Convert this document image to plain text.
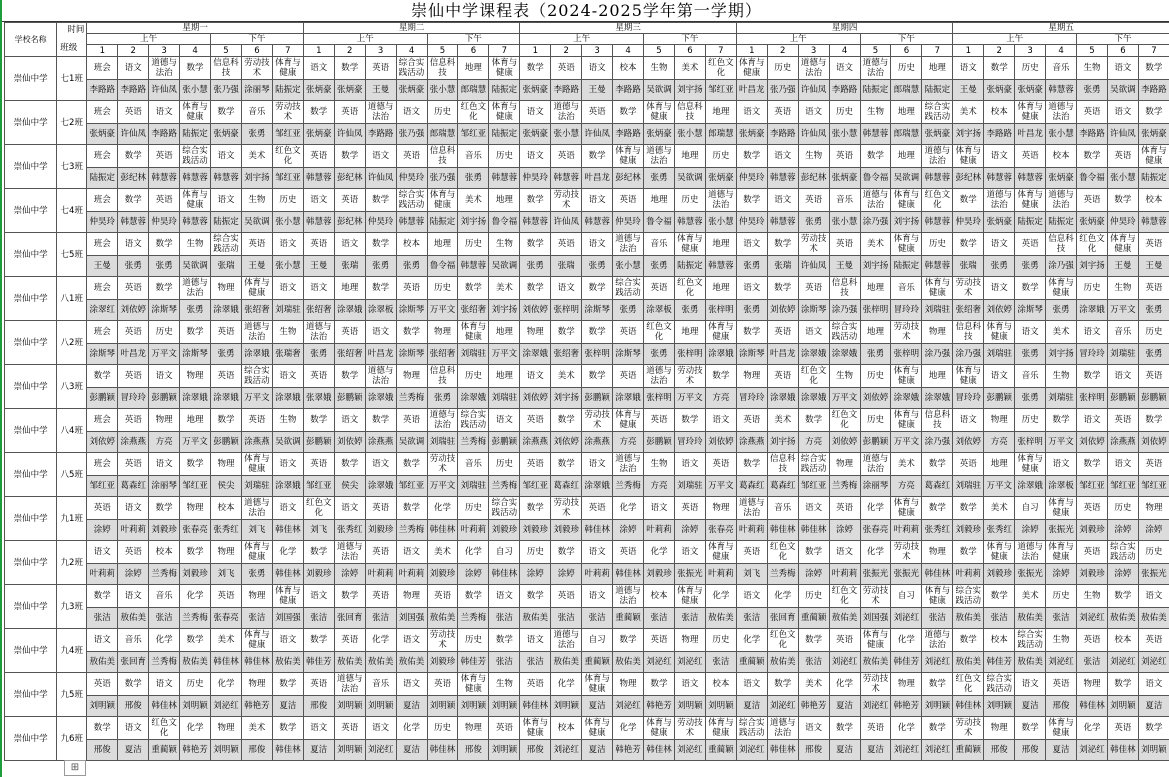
崇仙中学课程表（2024-2025学年第一学期）
学校名称	时间
班级	星期一							星期二							星期三							星期四							星期五						
		上午				下午			上午				下午			上午				下午			上午				下午			上午				下午		
		1	2	3	4	5	6	7	1	2	3	4	5	6	7	1	2	3	4	5	6	7	1	2	3	4	5	6	7	1	2	3	4	5	6	7
崇仙中学	七1班	班会	语文	道德与法治	数学	信息科技	劳动技术	体育与健康	语文	数学	英语	综合实践活动	信息科技	地理	体育与健康	数学	英语	语文	校本	生物	美术	红色文化	体育与健康	历史	道德与法治	语文	道德与法治	历史	地理	语文	数学	历史	音乐	生物	语文	数学
		李路路	李路路	许仙凤	张小慧	张乃强	涂丽琴	陆振定	张炳豪	张炳豪	王曼	张炳豪	张小慧	郎瑞慧	陆振定	张炳豪	李路路	王曼	李路路	吴欲调	刘宇扬	邹红亚	叶昌龙	张乃强	许仙凤	李路路	陆振定	郎瑞慧	陆振定	王曼	张炳豪	张炳豪	韩慧蓉	张勇	吴欲调	李路路
崇仙中学	七2班	班会	英语	语文	体育与健康	数学	音乐	劳动技术	数学	英语	道德与法治	语文	历史	红色文化	体育与健康	语文	道德与法治	英语	数学	体育与健康	信息科技	地理	语文	英语	语文	历史	生物	地理	综合实践活动	美术	校本	体育与健康	道德与法治	英语	语文	数学
		张炳豪	许仙凤	李路路	陆振定	张炳豪	张勇	邹红亚	张炳豪	许仙凤	李路路	张乃强	郎瑞慧	邹红亚	陆振定	张炳豪	张小慧	许仙凤	李路路	张炳豪	张小慧	郎瑞慧	张炳豪	李路路	许仙凤	张小慧	韩慧蓉	郎瑞慧	张炳豪	刘宇扬	李路路	叶昌龙	张小慧	李路路	许仙凤	张炳豪
崇仙中学	七3班	班会	数学	英语	综合实践活动	语文	美术	红色文化	英语	数学	语文	英语	信息科技	音乐	历史	语文	英语	数学	体育与健康	道德与法治	地理	历史	数学	语文	生物	英语	数学	地理	道德与法治	体育与健康	语文	英语	校本	数学	英语	体育与健康
		陆振定	彭纪林	韩慧蓉	韩慧蓉	韩慧蓉	刘宇扬	邹红亚	韩慧蓉	彭纪林	许仙凤	仲昊玲	张乃强	张勇	韩慧蓉	仲昊玲	韩慧蓉	叶昌龙	彭纪林	张勇	吴欲调	张炳豪	仲昊玲	韩慧蓉	彭纪林	张炳豪	鲁令福	吴欲调	韩慧蓉	彭纪林	韩慧蓉	韩慧蓉	张炳豪	鲁令福	张小慧	陆振定
崇仙中学	七4班	班会	数学	英语	体育与健康	语文	生物	历史	语文	英语	数学	综合实践活动	体育与健康	美术	地理	数学	劳动技术	语文	英语	地理	历史	道德与法治	数学	语文	英语	音乐	道德与法治	体育与健康	红色文化	数学	道德与法治	体育与健康	道德与法治	英语	数学	校本
		仲昊玲	韩慧蓉	仲昊玲	韩慧蓉	陆振定	吴欲调	张小慧	韩慧蓉	彭纪林	仲昊玲	韩慧蓉	陆振定	刘宇扬	鲁令福	韩慧蓉	许仙凤	韩慧蓉	仲昊玲	鲁令福	韩慧蓉	张小慧	仲昊玲	韩慧蓉	张勇	张小慧	涂乃强	刘宇扬	韩慧蓉	仲昊玲	张炳豪	陆振定	陆振定	张炳豪	仲昊玲	韩慧蓉
崇仙中学	七5班	班会	语文	数学	生物	综合实践活动	英语	语文	英语	语文	数学	校本	地理	历史	生物	数学	英语	语文	道德与法治	音乐	体育与健康	地理	语文	数学	劳动技术	英语	美术	体育与健康	历史	数学	语文	英语	信息科技	红色文化	体育与健康	英语
		王曼	张勇	张勇	吴欲调	张瑞	王曼	张小慧	王曼	张瑞	张勇	张勇	鲁令福	韩慧蓉	吴欲调	张勇	张瑞	张勇	张小慧	张勇	陆振定	韩慧蓉	张勇	张瑞	许仙凤	王曼	刘宇扬	陆振定	韩慧蓉	张瑞	张勇	张勇	涂乃强	刘宇扬	王曼	王曼
崇仙中学	八1班	班会	英语	数学	道德与法治	物理	体育与健康	语文	语文	地理	数学	英语	历史	数学	美术	数学	语文	数学	综合实践活动	英语	红色文化	地理	语文	数学	英语	信息科技	地理	音乐	体育与健康	劳动技术	语文	数学	体育与健康	历史	生物	英语
		涂翠红	刘依婷	涂斯琴	张勇	涂翠娥	张绍奢	刘瑞驻	张绍奢	涂翠娥	涂翠板	涂斯琴	万平文	张绍奢	刘宇扬	刘依婷	张梓明	涂斯琴	张勇	涂翠板	张勇	张梓明	张勇	刘依婷	涂斯琴	涂乃强	张梓明	冒玲玲	刘瑞驻	张绍奢	刘依婷	涂斯琴	张勇	涂翠娥	万平文	张勇
崇仙中学	八2班	班会	英语	历史	数学	英语	道德与法治	生物	道德与法治	英语	语文	数学	物理	体育与健康	地理	物理	数学	数学	英语	红色文化	地理	体育与健康	数学	英语	语文	综合实践活动	地理	劳动技术	物理	信息科技	体育与健康	语文	美术	语文	音乐	历史
		涂斯琴	叶昌龙	万平文	涂斯琴	张勇	涂翠娥	张瑞奢	张勇	张绍奢	叶昌龙	涂斯琴	张绍奢	刘瑞驻	万平文	涂翠娥	张绍奢	张梓明	涂斯琴	张勇	张梓明	涂翠娥	涂斯琴	叶昌龙	涂翠娥	涂翠娥	张勇	张梓明	涂乃强	涂乃强	刘瑞驻	张勇	刘宇扬	冒玲玲	刘瑞驻	张勇
崇仙中学	八3班	数学	英语	语文	物理	英语	综合实践活动	语文	英语	数学	道德与法治	物理	信息科技	历史	地理	语文	美术	数学	英语	道德与法治	劳动技术	数学	物理	英语	红色文化	生物	历史	体育与健康	地理	体育与健康	语文	音乐	生物	数学	语文	英语
		彭鹏颖	冒玲玲	彭鹏颖	涂翠娥	涂翠娥	万平文	涂翠娥	张翠娥	彭鹏颖	涂翠娥	兰秀梅	张勇	涂翠娥	刘瑞驻	刘依婷	刘宇扬	彭鹏颖	涂翠娥	张梓明	万平文	方亮	冒玲玲	涂翠娥	涂翠娥	万平文	刘依婷	涂翠娥	涂翠娥	冒玲玲	彭鹏颖	张勇	刘瑞驻	张梓明	彭鹏颖	彭鹏颖
崇仙中学	八4班	班会	英语	物理	地理	数学	英语	生物	数学	语文	数学	英语	道德与法治	综合实践活动	语文	英语	数学	劳动技术	体育与健康	英语	数学	语文	英语	美术	数学	红色文化	历史	体育与健康	信息科技	语文	物理	历史	数学	语文	英语	数学
		刘依婷	涂燕燕	方亮	万平文	彭鹏颖	涂燕燕	吴欲调	彭鹏颖	刘依婷	涂燕燕	吴欲调	刘瑞驻	兰秀梅	彭鹏颖	涂燕燕	刘依婷	涂燕燕	方亮	彭鹏颖	冒玲玲	刘依婷	涂燕燕	刘宇扬	方亮	刘依婷	彭鹏颖	万平文	涂乃强	刘依婷	方亮	张梓明	万平文	刘依婷	涂燕燕	刘依婷
崇仙中学	八5班	班会	英语	语文	数学	物理	体育与健康	语文	英语	数学	语文	数学	劳动技术	音乐	历史	英语	数学	语文	道德与法治	生物	语文	英语	数学	信息科技	综合实践活动	物理	道德与法治	美术	数学	英语	地理	体育与健康	语文	数学	语文	英语
		邹红亚	葛森红	涂丽琴	邹红亚	侯尖	刘瑞驻	涂翠娥	邹红亚	侯尖	涂翠娥	邹红亚	万平文	刘瑞驻	兰秀梅	邹红亚	葛森红	涂翠娥	兰秀梅	方亮	刘瑞驻	万平文	葛森红	葛森红	邹红亚	兰秀梅	涂丽琴	方亮	葛森红	刘瑞驻	万平文	涂翠娥	涂翠板	邹红亚	邹红亚	邹红亚
崇仙中学	九1班	英语	语文	数学	物理	校本	道德与法治	语文	红色文化	语文	英语	数学	化学	历史	综合实践活动	数学	劳动技术	英语	化学	语文	英语	物理	道德与法治	音乐	语文	英语	化学	体育与健康	数学	数学	美术	自习	体育与健康	英语	历史	物理
		涂婷	叶莉莉	刘毅珍	张春亮	张秀红	刘飞	韩佳林	刘飞	张秀红	刘毅珍	兰秀梅	韩佳林	叶莉莉	刘毅珍	刘毅珍	刘毅珍	韩佳林	涂婷	叶莉莉	涂婷	张春亮	叶莉莉	韩佳林	韩佳林	涂婷	张春亮	叶莉莉	张秀红	刘毅珍	张秀红	涂婷	张振光	刘毅珍	涂婷	涂婷
崇仙中学	九2班	语文	英语	校本	数学	物理	体育与健康	化学	数学	道德与法治	英语	语文	美术	化学	自习	历史	数学	语文	英语	化学	语文	体育与健康	英语	红色文化	数学	语文	化学	劳动技术	物理	数学	体育与健康	道德与法治	体育与健康	英语	综合实践活动	历史
		叶莉莉	涂婷	兰秀梅	刘毅珍	刘飞	张勇	韩佳林	刘毅珍	涂婷	叶莉莉	叶莉莉	刘毅珍	涂婷	韩佳林	涂婷	涂婷	叶莉莉	韩佳林	刘毅珍	张振光	叶莉莉	刘飞	兰秀梅	涂婷	叶莉莉	张振光	张振光	韩佳林	叶莉莉	刘毅珍	张振光	涂婷	刘毅珍	涂婷	张振光
崇仙中学	九3班	数学	语文	音乐	化学	英语	物理	体育与健康	语文	数学	英语	物理	英语	数学	语文	数学	英语	语文	道德与法治	校本	体育与健康	化学	语文	化学	历史	红色文化	劳动技术	自习	体育与健康	综合实践活动	数学	美术	历史	生物	数学	语文
		张洁	敖佑美	张洁	兰秀梅	张春亮	张洁	刘国强	张洁	张回育	张洁	刘国强	敖佑美	兰秀梅	张洁	敖佑美	张洁	张洁	重蔺颖	张洁	张洁	敖佑美	张洁	张回育	重蔺颖	敖佑美	刘国强	刘泌红	张洁	敖佑美	张洁	敖佑美	张洁	刘泌红	敖佑美	敖佑美
崇仙中学	九4班	语文	音乐	化学	数学	美术	体育与健康	语文	数学	英语	化学	语文	劳动技术	历史	数学	语文	道德与法治	自习	数学	英语	物理	历史	化学	红色文化	数学	英语	体育与健康	化学	道德与法治	数学	校本	综合实践活动	生物	英语	校本	英语
		敖佑美	张回育	兰秀梅	敖佑美	韩佳林	韩佳林	敖佑美	韩佳芳	敖佑美	敖佑美	敖佑美	刘毅珍	韩佳芳	张洁	张洁	敖佑美	重蔺颖	敖佑美	刘泌红	刘泌红	张洁	重蔺颖	敖佑美	张洁	刘泌红	敖佑美	韩佳芳	刘泌红	敖佑美	韩佳芳	敖佑美	刘泌红	张洁	刘泌红	刘泌红
崇仙中学	九5班	英语	数学	语文	历史	化学	物理	数学	英语	道德与法治	音乐	语文	英语	体育与健康	生物	英语	化学	体育与健康	物理	数学	语文	校本	语文	数学	美术	化学	劳动技术	物理	数学	红色文化	综合实践活动	语文	英语	物理	数学	语文
		刘明颖	邢俊	韩佳林	刘明颖	刘泌红	韩艳芳	夏洁	邢俊	刘明颖	刘明颖	夏洁	刘明颖	刘明颖	刘明颖	韩佳林	刘明颖	夏洁	刘泌红	韩艳芳	刘明颖	刘明颖	夏洁	刘泌红	韩艳芳	夏洁	刘泌红	韩艳芳	刘明颖	韩佳林	刘明颖	夏洁	邢俊	韩佳林	刘明颖	夏洁
崇仙中学	九6班	数学	语文	红色文化	化学	物理	美术	数学	语文	英语	语文	化学	历史	物理	英语	体育与健康	校本	体育与健康	化学	体育与健康	劳动技术	体育与健康	综合实践活动	道德与法治	语文	数学	英语	化学	数学	劳动技术	物理	数学	体育与健康	化学	英语	数学
		邢俊	夏洁	重蔺颖	韩艳芳	刘明颖	邢俊	韩佳林	夏洁	刘明颖	刘泌红	夏洁	韩佳林	邢俊	刘明颖	邢俊	刘泌红	夏洁	韩艳芳	韩佳林	刘泌红	重蔺颖	刘泌红	韩佳林	邢俊	夏洁	夏洁	刘泌红	刘泌红	重蔺颖	邢俊	邢俊	夏洁	刘泌红	韩佳林	刘明颖
⊞
